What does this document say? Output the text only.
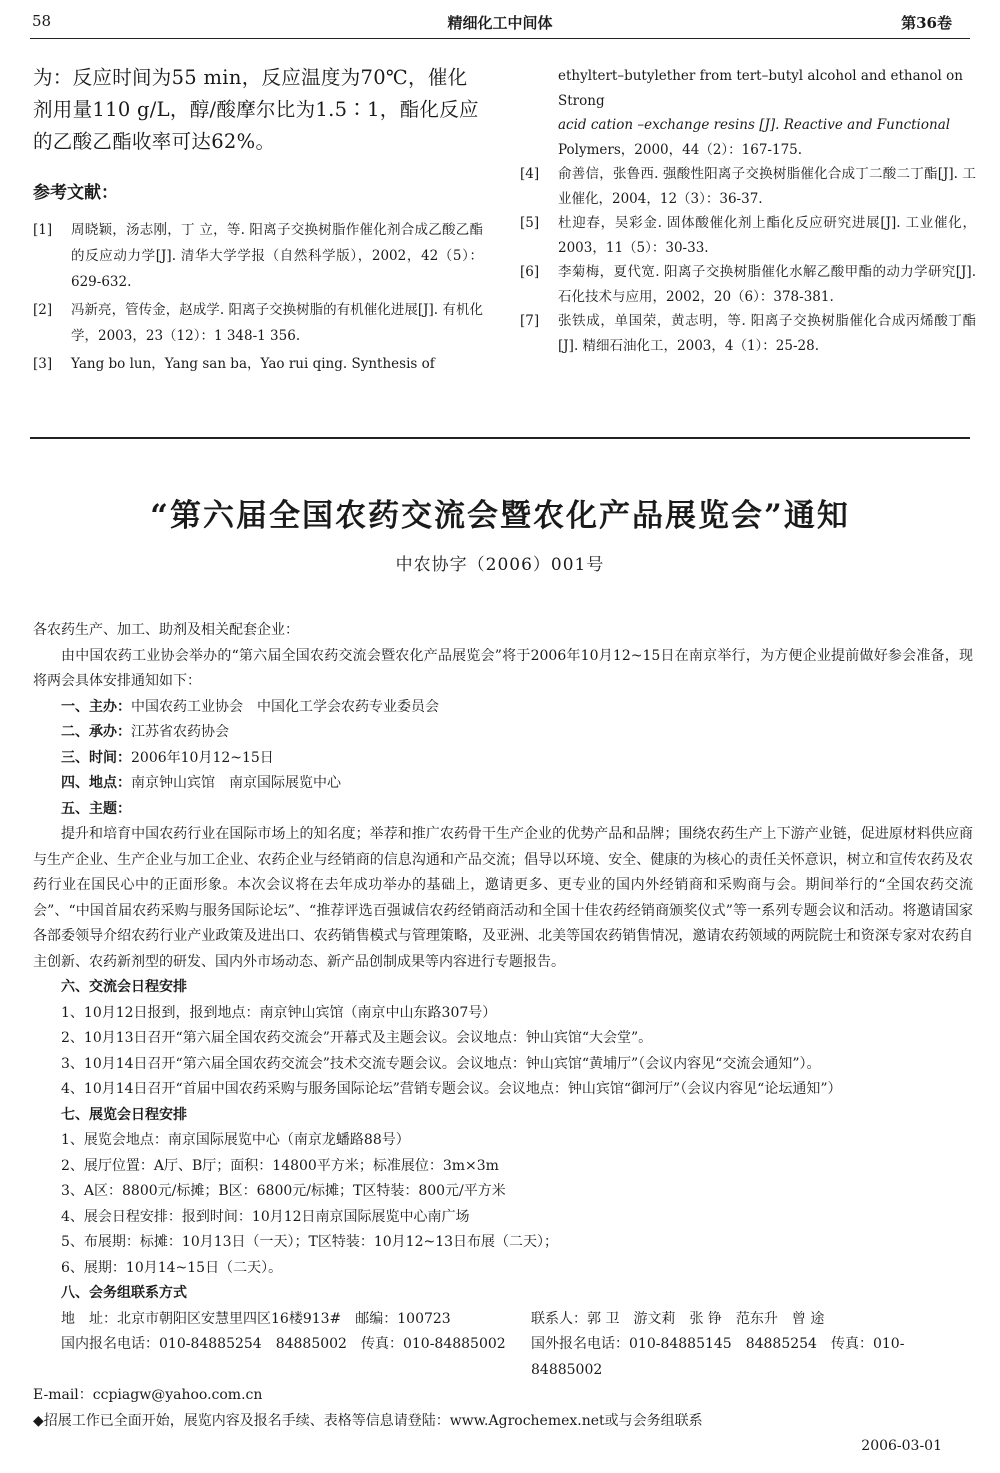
58	精细化工中间体	第36卷

为：反应时间为55 min，反应温度为70℃，催化剂用量110 g/L，醇/酸摩尔比为1.5∶1，酯化反应的乙酸乙酯收率可达62%。

参考文献：
[1]	周晓颖，汤志刚，丁 立，等. 阳离子交换树脂作催化剂合成乙酸乙酯的反应动力学[J]. 清华大学学报（自然科学版），2002，42（5）：629-632.
[2]	冯新亮，管传金，赵成学. 阳离子交换树脂的有机催化进展[J]. 有机化学，2003，23（12）：1 348-1 356.
[3]	Yang bo lun，Yang san ba，Yao rui qing. Synthesis of

ethyltert–butylether from tert–butyl alcohol and ethanol on Strong

acid cation –exchange resins [J]. Reactive and Functional

Polymers，2000，44（2）：167-175.

[4]	俞善信，张鲁西. 强酸性阳离子交换树脂催化合成丁二酸二丁酯[J]. 工业催化，2004，12（3）：36-37.
[5]	杜迎春，吴彩金. 固体酸催化剂上酯化反应研究进展[J]. 工业催化，2003，11（5）：30-33.
[6]	李菊梅，夏代宽. 阳离子交换树脂催化水解乙酸甲酯的动力学研究[J]. 石化技术与应用，2002，20（6）：378-381.
[7]	张铁成，单国荣，黄志明，等. 阳离子交换树脂催化合成丙烯酸丁酯[J]. 精细石油化工，2003，4（1）：25-28.
“第六届全国农药交流会暨农化产品展览会”通知
中农协字（2006）001号

各农药生产、加工、助剂及相关配套企业：

由中国农药工业协会举办的“第六届全国农药交流会暨农化产品展览会”将于2006年10月12~15日在南京举行，为方便企业提前做好参会准备，现将两会具体安排通知如下：

一、主办：中国农药工业协会　中国化工学会农药专业委员会

二、承办：江苏省农药协会

三、时间：2006年10月12~15日

四、地点：南京钟山宾馆　南京国际展览中心

五、主题：

提升和培育中国农药行业在国际市场上的知名度；举荐和推广农药骨干生产企业的优势产品和品牌；围绕农药生产上下游产业链，促进原材料供应商与生产企业、生产企业与加工企业、农药企业与经销商的信息沟通和产品交流；倡导以环境、安全、健康的为核心的责任关怀意识，树立和宣传农药及农药行业在国民心中的正面形象。本次会议将在去年成功举办的基础上，邀请更多、更专业的国内外经销商和采购商与会。期间举行的“全国农药交流会”、“中国首届农药采购与服务国际论坛”、“推荐评选百强诚信农药经销商活动和全国十佳农药经销商颁奖仪式”等一系列专题会议和活动。将邀请国家各部委领导介绍农药行业产业政策及进出口、农药销售模式与管理策略，及亚洲、北美等国农药销售情况，邀请农药领域的两院院士和资深专家对农药自主创新、农药新剂型的研发、国内外市场动态、新产品创制成果等内容进行专题报告。

六、交流会日程安排

1、10月12日报到，报到地点：南京钟山宾馆（南京中山东路307号）

2、10月13日召开“第六届全国农药交流会”开幕式及主题会议。会议地点：钟山宾馆“大会堂”。

3、10月14日召开“第六届全国农药交流会”技术交流专题会议。会议地点：钟山宾馆“黄埔厅”（会议内容见“交流会通知”）。

4、10月14日召开“首届中国农药采购与服务国际论坛”营销专题会议。会议地点：钟山宾馆“御河厅”（会议内容见“论坛通知”）

七、展览会日程安排

1、展览会地点：南京国际展览中心（南京龙蟠路88号）

2、展厅位置：A厅、B厅；面积：14800平方米；标准展位：3m×3m

3、A区：8800元/标摊；B区：6800元/标摊；T区特装：800元/平方米

4、展会日程安排：报到时间：10月12日南京国际展览中心南广场

5、布展期：标摊：10月13日（一天）；T区特装：10月12~13日布展（二天）；

6、展期：10月14~15日（二天）。

八、会务组联系方式

地　址：北京市朝阳区安慧里四区16楼913#　邮编：100723	联系人：郭 卫　游文莉　张 铮　范东升　曾 途
国内报名电话：010-84885254　84885002　传真：010-84885002	国外报名电话：010-84885145　84885254　传真：010-84885002

E-mail：ccpiagw@yahoo.com.cn

◆招展工作已全面开始，展览内容及报名手续、表格等信息请登陆：www.Agrochemex.net或与会务组联系

2006-03-01
